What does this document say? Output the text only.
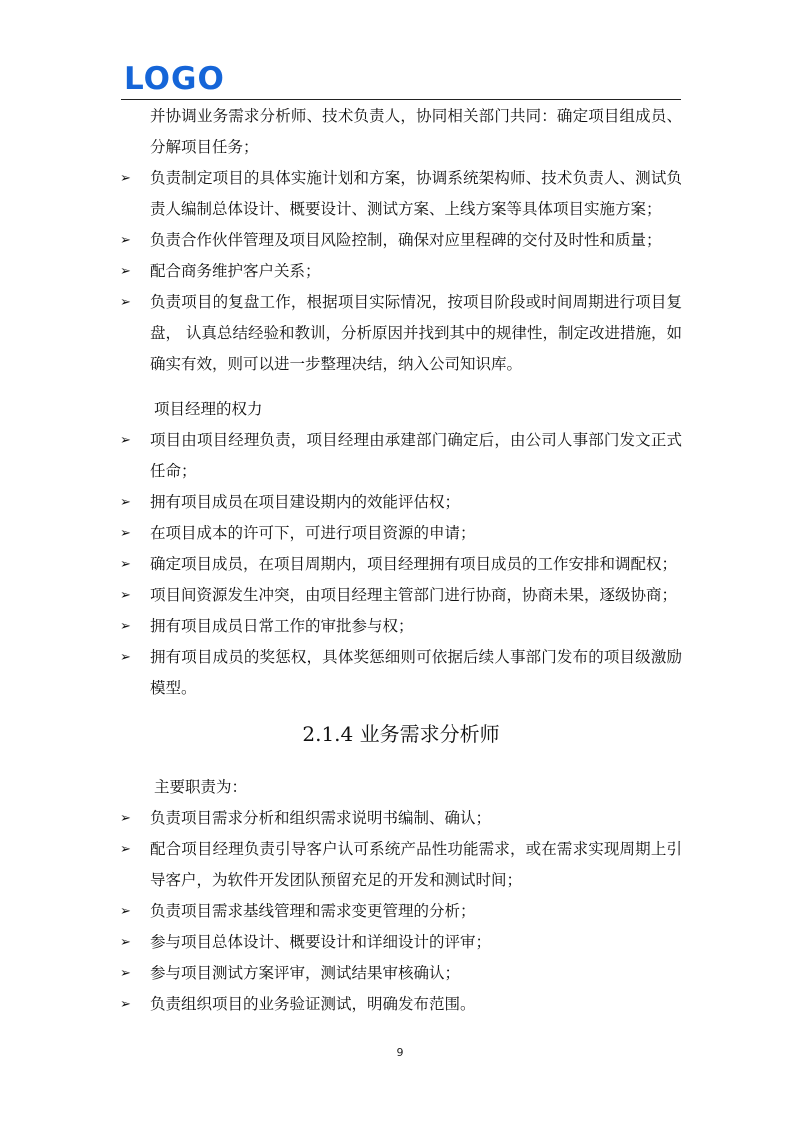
LOGO

并协调业务需求分析师、技术负责人，协同相关部门共同：确定项目组成员、分解项目任务；

➢ 负责制定项目的具体实施计划和方案，协调系统架构师、技术负责人、测试负责人编制总体设计、概要设计、测试方案、上线方案等具体项目实施方案；

➢ 负责合作伙伴管理及项目风险控制，确保对应里程碑的交付及时性和质量；

➢ 配合商务维护客户关系；

➢ 负责项目的复盘工作，根据项目实际情况，按项目阶段或时间周期进行项目复盘， 认真总结经验和教训，分析原因并找到其中的规律性，制定改进措施，如确实有效，则可以进一步整理决结，纳入公司知识库。

项目经理的权力

➢ 项目由项目经理负责，项目经理由承建部门确定后，由公司人事部门发文正式任命；

➢ 拥有项目成员在项目建设期内的效能评估权；

➢ 在项目成本的许可下，可进行项目资源的申请；

➢ 确定项目成员，在项目周期内，项目经理拥有项目成员的工作安排和调配权；

➢ 项目间资源发生冲突，由项目经理主管部门进行协商，协商未果，逐级协商；

➢ 拥有项目成员日常工作的审批参与权；

➢ 拥有项目成员的奖惩权，具体奖惩细则可依据后续人事部门发布的项目级激励模型。

2.1.4 业务需求分析师

主要职责为：

➢ 负责项目需求分析和组织需求说明书编制、确认；

➢ 配合项目经理负责引导客户认可系统产品性功能需求，或在需求实现周期上引导客户，为软件开发团队预留充足的开发和测试时间；

➢ 负责项目需求基线管理和需求变更管理的分析；

➢ 参与项目总体设计、概要设计和详细设计的评审；

➢ 参与项目测试方案评审，测试结果审核确认；

➢ 负责组织项目的业务验证测试，明确发布范围。

9
